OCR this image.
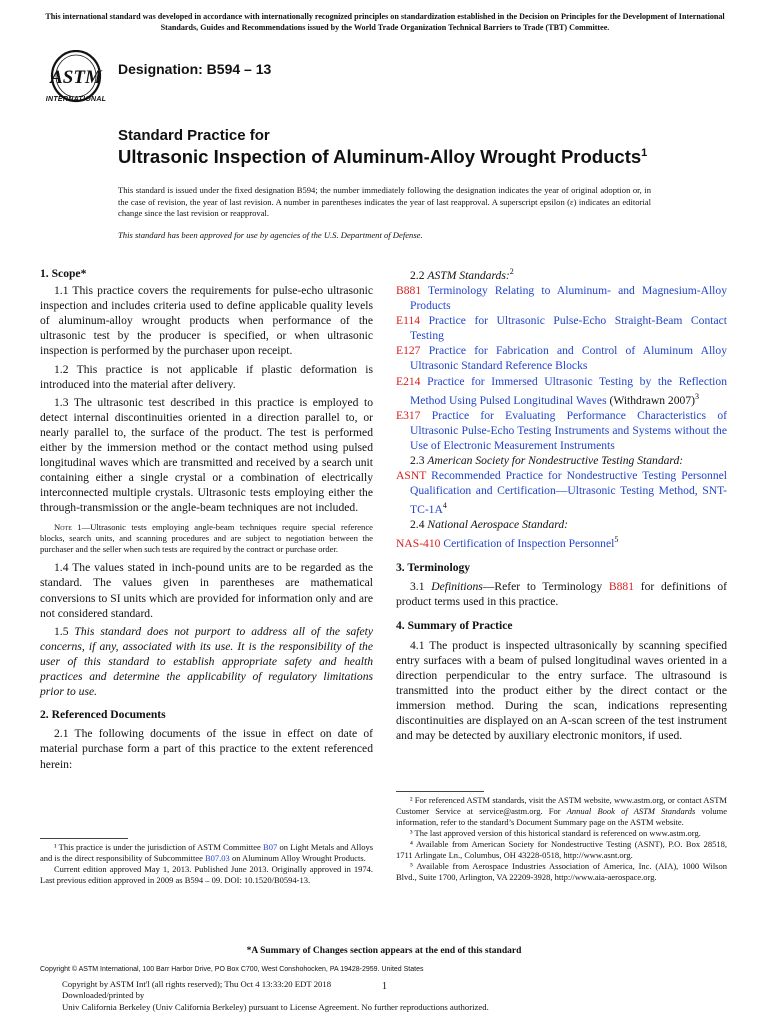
This international standard was developed in accordance with internationally recognized principles on standardization established in the Decision on Principles for the Development of International Standards, Guides and Recommendations issued by the World Trade Organization Technical Barriers to Trade (TBT) Committee.
ASTM
INTERNATIONAL
Designation: B594 – 13
Standard Practice for
Ultrasonic Inspection of Aluminum-Alloy Wrought Products$^1$
This standard is issued under the fixed designation B594; the number immediately following the designation indicates the year of original adoption or, in the case of revision, the year of last revision. A number in parentheses indicates the year of last reapproval. A superscript epsilon (ε) indicates an editorial change since the last revision or reapproval.
This standard has been approved for use by agencies of the U.S. Department of Defense.

1. Scope*

1.1 This practice covers the requirements for pulse-echo ultrasonic inspection and includes criteria used to define applicable quality levels of aluminum-alloy wrought products when performance of the ultrasonic test by the producer is specified, or when ultrasonic inspection is performed by the purchaser upon receipt.

1.2 This practice is not applicable if plastic deformation is introduced into the material after delivery.

1.3 The ultrasonic test described in this practice is employed to detect internal discontinuities oriented in a direction parallel to, or nearly parallel to, the surface of the product. The test is performed either by the immersion method or the contact method using pulsed longitudinal waves which are transmitted and received by a search unit containing either a single crystal or a combination of electrically interconnected multiple crystals. Ultrasonic tests employing either the through-transmission or the angle-beam techniques are not included.

Note 1—Ultrasonic tests employing angle-beam techniques require special reference blocks, search units, and scanning procedures and are subject to negotiation between the purchaser and the seller when such tests are required by the contract or purchase order.

1.4 The values stated in inch-pound units are to be regarded as the standard. The values given in parentheses are mathematical conversions to SI units which are provided for information only and are not considered standard.

1.5 This standard does not purport to address all of the safety concerns, if any, associated with its use. It is the responsibility of the user of this standard to establish appropriate safety and health practices and determine the applicability of regulatory limitations prior to use.

2. Referenced Documents

2.1 The following documents of the issue in effect on date of material purchase form a part of this practice to the extent referenced herein:

¹ This practice is under the jurisdiction of ASTM Committee B07 on Light Metals and Alloys and is the direct responsibility of Subcommittee B07.03 on Aluminum Alloy Wrought Products.

Current edition approved May 1, 2013. Published June 2013. Originally approved in 1974. Last previous edition approved in 2009 as B594 – 09. DOI: 10.1520/B0594-13.

2.2 ASTM Standards:$^2$

B881 Terminology Relating to Aluminum- and Magnesium-Alloy Products

E114 Practice for Ultrasonic Pulse-Echo Straight-Beam Contact Testing

E127 Practice for Fabrication and Control of Aluminum Alloy Ultrasonic Standard Reference Blocks

E214 Practice for Immersed Ultrasonic Testing by the Reflection Method Using Pulsed Longitudinal Waves (Withdrawn 2007)$^3$

E317 Practice for Evaluating Performance Characteristics of Ultrasonic Pulse-Echo Testing Instruments and Systems without the Use of Electronic Measurement Instruments

2.3 American Society for Nondestructive Testing Standard:

ASNT Recommended Practice for Nondestructive Testing Personnel Qualification and Certification—Ultrasonic Testing Method, SNT-$TC-1A^4$

2.4 National Aerospace Standard:

NAS-410 Certification of Inspection Personnel$^5$

3. Terminology

3.1 Definitions—Refer to Terminology B881 for definitions of product terms used in this practice.

4. Summary of Practice

4.1 The product is inspected ultrasonically by scanning specified entry surfaces with a beam of pulsed longitudinal waves oriented in a direction perpendicular to the entry surface. The ultrasound is transmitted into the product either by the direct contact or the immersion method. During the scan, indications representing discontinuities are displayed on an A-scan screen of the test instrument and may be detected by auxiliary electronic monitors, if used.

² For referenced ASTM standards, visit the ASTM website, www.astm.org, or contact ASTM Customer Service at service@astm.org. For Annual Book of ASTM Standards volume information, refer to the standard’s Document Summary page on the ASTM website.

³ The last approved version of this historical standard is referenced on www.astm.org.

⁴ Available from American Society for Nondestructive Testing (ASNT), P.O. Box 28518, 1711 Arlingate Ln., Columbus, OH 43228-0518, http://www.asnt.org.

⁵ Available from Aerospace Industries Association of America, Inc. (AIA), 1000 Wilson Blvd., Suite 1700, Arlington, VA 22209-3928, http://www.aia-aerospace.org.

*A Summary of Changes section appears at the end of this standard
Copyright © ASTM International, 100 Barr Harbor Drive, PO Box C700, West Conshohocken, PA 19428-2959. United States
Copyright by ASTM Int'l (all rights reserved); Thu Oct 4 13:33:20 EDT 2018
Downloaded/printed by
Univ California Berkeley (Univ California Berkeley) pursuant to License Agreement. No further reproductions authorized.
1
